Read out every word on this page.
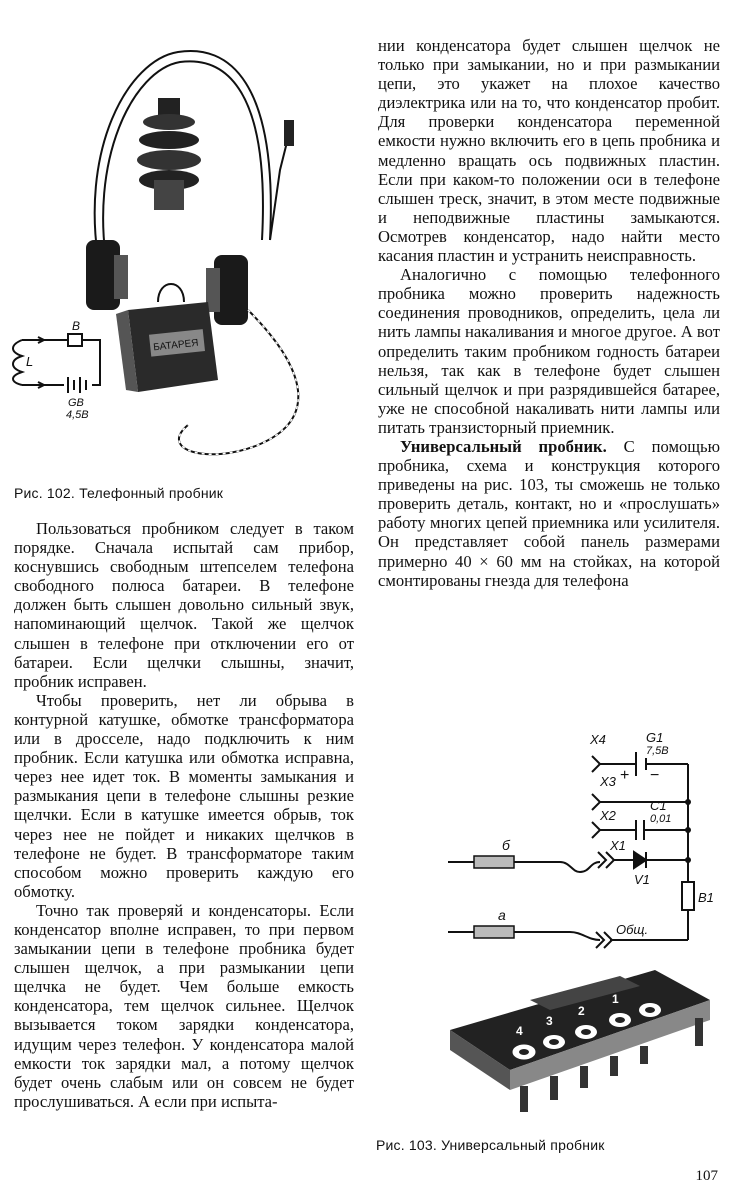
БАТАРЕЯ
B
L
GB
4,5В
Рис. 102. Телефонный пробник

Пользоваться пробником следует в таком порядке. Сначала испытай сам прибор, коснувшись свободным штепселем телефона свободного полюса батареи. В телефоне должен быть слышен довольно сильный звук, напоминающий щелчок. Такой же щелчок слышен в телефоне при отключении его от батареи. Если щелчки слышны, значит, пробник исправен.

Чтобы проверить, нет ли обрыва в контурной катушке, обмотке трансформатора или в дросселе, надо подключить к ним пробник. Если катушка или обмотка исправна, через нее идет ток. В моменты замыкания и размыкания цепи в телефоне слышны резкие щелчки. Если в катушке имеется обрыв, ток через нее не пойдет и никаких щелчков в телефоне не будет. В трансформаторе таким способом можно проверить каждую его обмотку.

Точно так проверяй и конденсаторы. Если конденсатор вполне исправен, то при первом замыкании цепи в телефоне пробника будет слышен щелчок, а при размыкании цепи щелчка не будет. Чем больше емкость конденсатора, тем щелчок сильнее. Щелчок вызывается током зарядки конденсатора, идущим через телефон. У конденсатора малой емкости ток зарядки мал, а потому щелчок будет очень слабым или он совсем не будет прослушиваться. А если при испыта-

нии конденсатора будет слышен щелчок не только при замыкании, но и при размыкании цепи, это укажет на плохое качество диэлектрика или на то, что конденсатор пробит. Для проверки конденсатора переменной емкости нужно включить его в цепь пробника и медленно вращать ось подвижных пластин. Если при каком-то положении оси в телефоне слышен треск, значит, в этом месте подвижные и неподвижные пластины замыкаются. Осмотрев конденсатор, надо найти место касания пластин и устранить неисправность.

Аналогично с помощью телефонного пробника можно проверить надежность соединения проводников, определить, цела ли нить лампы накаливания и многое другое. А вот определить таким пробником годность батареи нельзя, так как в телефоне будет слышен сильный щелчок и при разрядившейся батарее, уже не способной накаливать нити лампы или питать транзисторный приемник.

Универсальный пробник. С помощью пробника, схема и конструкция которого приведены на рис. 103, ты сможешь не только проверить деталь, контакт, но и «прослушать» работу многих цепей приемника или усилителя. Он представляет собой панель размерами примерно 40 × 60 мм на стойках, на которой смонтированы гнезда для телефона

X4
X3
X2
X1
G1
7,5В
+ −
C1
0,01
V1
B1
б
а
Общ.
4
3
2
1
Рис. 103. Универсальный пробник
107
